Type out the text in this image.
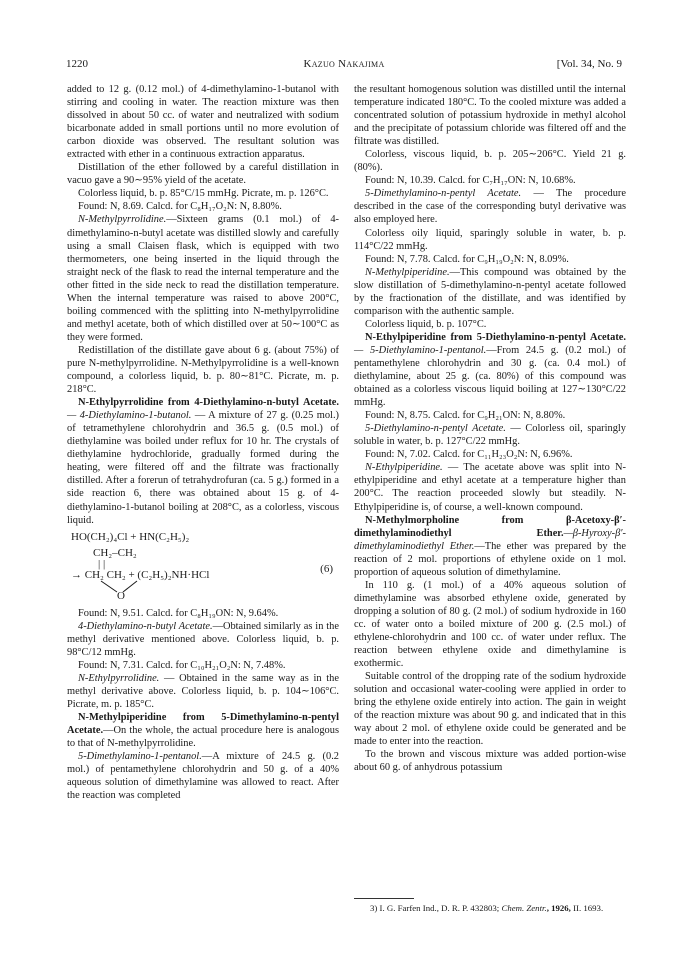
1220	Kazuo Nakajima	[Vol. 34, No. 9

added to 12 g. (0.12 mol.) of 4-dimethylamino-1-butanol with stirring and cooling in water. The reaction mixture was then dissolved in about 50 cc. of water and neutralized with sodium bicarbonate added in small portions until no more evolution of carbon dioxide was observed. The resultant solution was extracted with ether in a continuous extraction apparatus.

Distillation of the ether followed by a careful distillation in vacuo gave a 90∼95% yield of the acetate.

Colorless liquid, b. p. 85°C/15 mmHg. Picrate, m. p. 126°C.

Found: N, 8.69. Calcd. for C₈H₁₇O₂N: N, 8.80%.

N-Methylpyrrolidine.—Sixteen grams (0.1 mol.) of 4-dimethylamino-n-butyl acetate was distilled slowly and carefully using a small Claisen flask, which is equipped with two thermometers, one being inserted in the liquid through the straight neck of the flask to read the internal temperature and the other fitted in the side neck to read the distillation temperature. When the internal temperature was raised to above 200°C, boiling commenced with the splitting into N-methylpyrrolidine and methyl acetate, both of which distilled over at 50∼100°C as they were formed.

Redistillation of the distillate gave about 6 g. (about 75%) of pure N-methylpyrrolidine. N-Methylpyrrolidine is a well-known compound, a colorless liquid, b. p. 80∼81°C. Picrate, m. p. 218°C.

N-Ethylpyrrolidine from 4-Diethylamino-n-butyl Acetate. — 4-Diethylamino-1-butanol. — A mixture of 27 g. (0.25 mol.) of tetramethylene chlorohydrin and 36.5 g. (0.5 mol.) of diethylamine was boiled under reflux for 10 hr. The crystals of diethylamine hydrochloride, gradually formed during the heating, were filtered off and the filtrate was fractionally distilled. After a forerun of tetrahydrofuran (ca. 5 g.) formed in a side reaction 6, there was obtained about 15 g. of 4-diethylamino-1-butanol boiling at 208°C, as a colorless, viscous liquid.

HO(CH₂)₄Cl + HN(C₂H₅)₂
CH₂–CH₂
| |
→ CH₂ CH₂ + (C₂H₅)₂NH·HCl
O
(6)

Found: N, 9.51. Calcd. for C₈H₁₉ON: N, 9.64%.

4-Diethylamino-n-butyl Acetate.—Obtained similarly as in the methyl derivative mentioned above. Colorless liquid, b. p. 98°C/12 mmHg.

Found: N, 7.31. Calcd. for C₁₀H₂₁O₂N: N, 7.48%.

N-Ethylpyrrolidine. — Obtained in the same way as in the methyl derivative above. Colorless liquid, b. p. 104∼106°C. Picrate, m. p. 185°C.

N-Methylpiperidine from 5-Dimethylamino-n-pentyl Acetate.—On the whole, the actual procedure here is analogous to that of N-methylpyrrolidine.

5-Dimethylamino-1-pentanol.—A mixture of 24.5 g. (0.2 mol.) of pentamethylene chlorohydrin and 50 g. of a 40% aqueous solution of dimethylamine was allowed to react. After the reaction was completed

the resultant homogenous solution was distilled until the internal temperature indicated 180°C. To the cooled mixture was added a concentrated solution of potassium hydroxide in methyl alcohol and the precipitate of potassium chloride was filtered off and the filtrate was distilled.

Colorless, viscous liquid, b. p. 205∼206°C. Yield 21 g. (80%).

Found: N, 10.39. Calcd. for C₇H₁₇ON: N, 10.68%.

5-Dimethylamino-n-pentyl Acetate. — The procedure described in the case of the corresponding butyl derivative was also employed here.

Colorless oily liquid, sparingly soluble in water, b. p. 114°C/22 mmHg.

Found: N, 7.78. Calcd. for C₉H₁₉O₂N: N, 8.09%.

N-Methylpiperidine.—This compound was obtained by the slow distillation of 5-dimethylamino-n-pentyl acetate followed by the fractionation of the distillate, and was identified by comparison with the authentic sample.

Colorless liquid, b. p. 107°C.

N-Ethylpiperidine from 5-Diethylamino-n-pentyl Acetate. — 5-Diethylamino-1-pentanol.—From 24.5 g. (0.2 mol.) of pentamethylene chlorohydrin and 30 g. (ca. 0.4 mol.) of diethylamine, about 25 g. (ca. 80%) of this compound was obtained as a colorless viscous liquid boiling at 127∼130°C/22 mmHg.

Found: N, 8.75. Calcd. for C₉H₂₁ON: N, 8.80%.

5-Diethylamino-n-pentyl Acetate. — Colorless oil, sparingly soluble in water, b. p. 127°C/22 mmHg.

Found: N, 7.02. Calcd. for C₁₁H₂₃O₂N: N, 6.96%.

N-Ethylpiperidine. — The acetate above was split into N-ethylpiperidine and ethyl acetate at a temperature higher than 200°C. The reaction proceeded slowly but steadily. N-Ethylpiperidine is, of course, a well-known compound.

N-Methylmorpholine from β-Acetoxy-β′-dimethylaminodiethyl Ether.—β-Hyroxy-β′-dimethylaminodiethyl Ether.—The ether was prepared by the reaction of 2 mol. proportions of ethylene oxide on 1 mol. proportion of aqueous solution of dimethylamine.

In 110 g. (1 mol.) of a 40% aqueous solution of dimethylamine was absorbed ethylene oxide, generated by dropping a solution of 80 g. (2 mol.) of sodium hydroxide in 160 cc. of water onto a boiled mixture of 200 g. (2.5 mol.) of ethylene-chlorohydrin and 100 cc. of water under reflux. The reaction between ethylene oxide and dimethylamine is exothermic.

Suitable control of the dropping rate of the sodium hydroxide solution and occasional water-cooling were applied in order to bring the ethylene oxide entirely into action. The gain in weight of the reaction mixture was about 90 g. and indicated that in this way about 2 mol. of ethylene oxide could be generated and be made to enter into the reaction.

To the brown and viscous mixture was added portion-wise about 60 g. of anhydrous potassium

3) I. G. Farfen Ind., D. R. P. 432803; Chem. Zentr., 1926, II. 1693.
